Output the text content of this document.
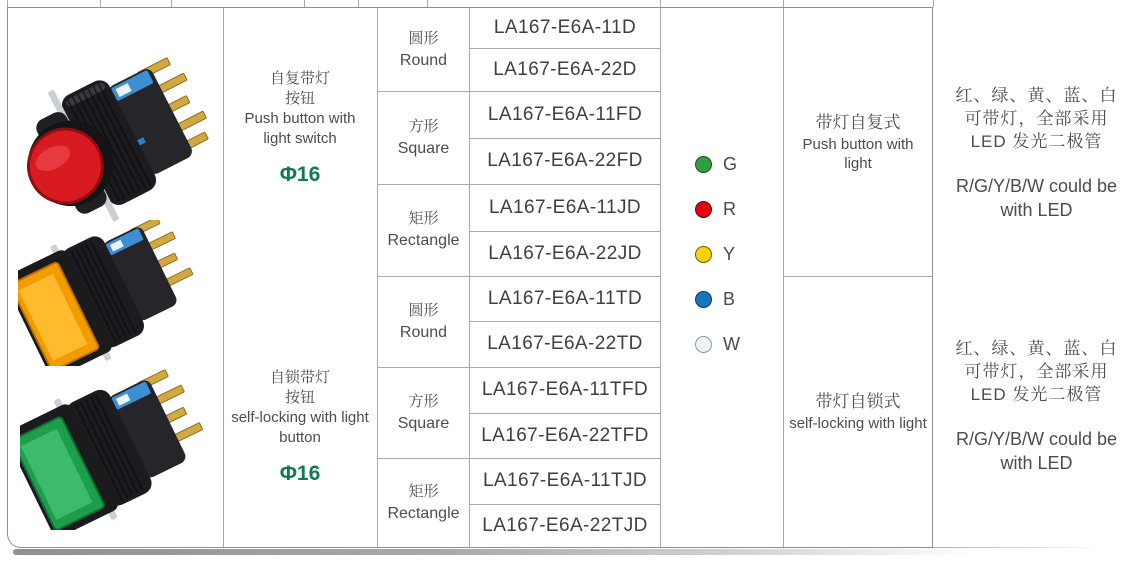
自复带灯
按钮
Push button with
light switch
Φ16
自锁带灯
按钮
self-locking with light
button
Φ16
圆形
Round
方形
Square
矩形
Rectangle
圆形
Round
方形
Square
矩形
Rectangle
LA167-E6A-11D
LA167-E6A-22D
LA167-E6A-11FD
LA167-E6A-22FD
LA167-E6A-11JD
LA167-E6A-22JD
LA167-E6A-11TD
LA167-E6A-22TD
LA167-E6A-11TFD
LA167-E6A-22TFD
LA167-E6A-11TJD
LA167-E6A-22TJD
G
R
Y
B
W
带灯自复式
Push button with
light
带灯自锁式
self-locking with light
红、绿、黄、蓝、白
可带灯，全部采用
LED 发光二极管
R/G/Y/B/W could be
with LED
红、绿、黄、蓝、白
可带灯，全部采用
LED 发光二极管
R/G/Y/B/W could be
with LED
